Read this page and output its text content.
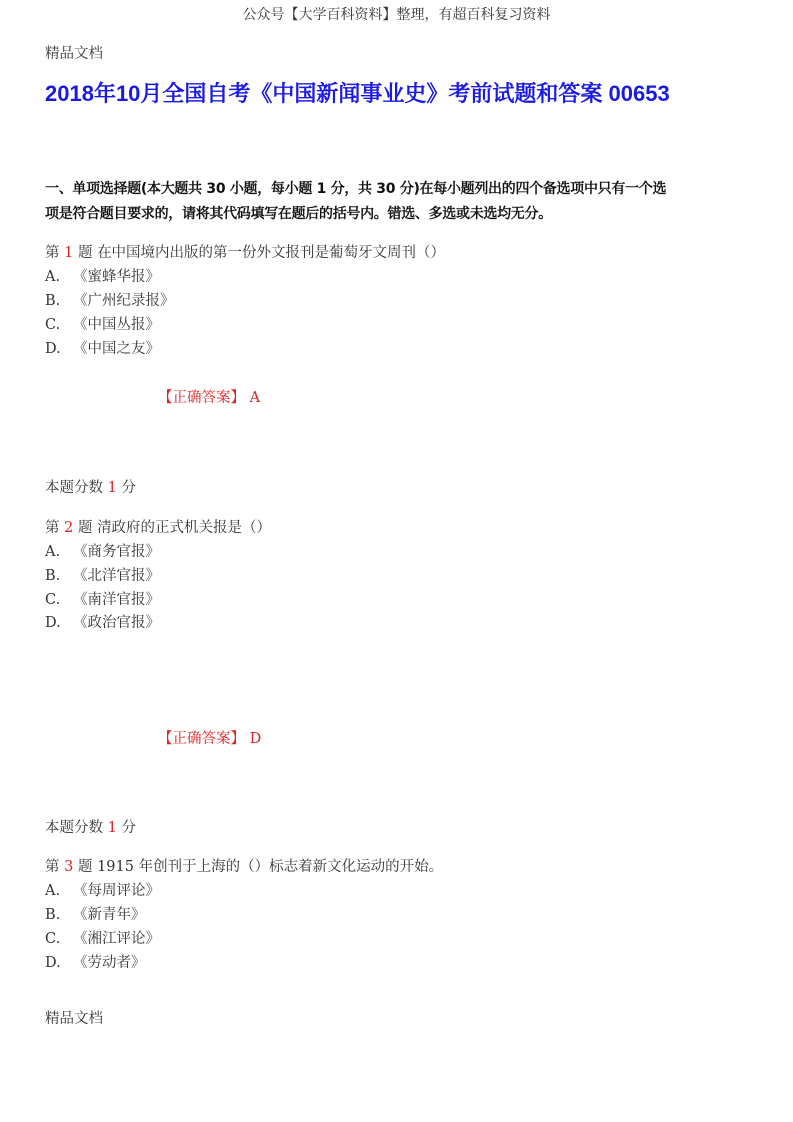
公众号【大学百科资料】整理，有超百科复习资料
精品文档
2018年10月全国自考《中国新闻事业史》考前试题和答案 00653
一、单项选择题(本大题共 30 小题，每小题 1 分，共 30 分)在每小题列出的四个备选项中只有一个选
项是符合题目要求的，请将其代码填写在题后的括号内。错选、多选或未选均无分。
第 1 题 在中国境内出版的第一份外文报刊是葡萄牙文周刊（）
A. 《蜜蜂华报》
B. 《广州纪录报》
C. 《中国丛报》
D. 《中国之友》
【正确答案】 A
本题分数 1 分
第 2 题 清政府的正式机关报是（）
A. 《商务官报》
B. 《北洋官报》
C. 《南洋官报》
D. 《政治官报》
【正确答案】 D
本题分数 1 分
第 3 题 1915 年创刊于上海的（）标志着新文化运动的开始。
A. 《每周评论》
B. 《新青年》
C. 《湘江评论》
D. 《劳动者》
精品文档
